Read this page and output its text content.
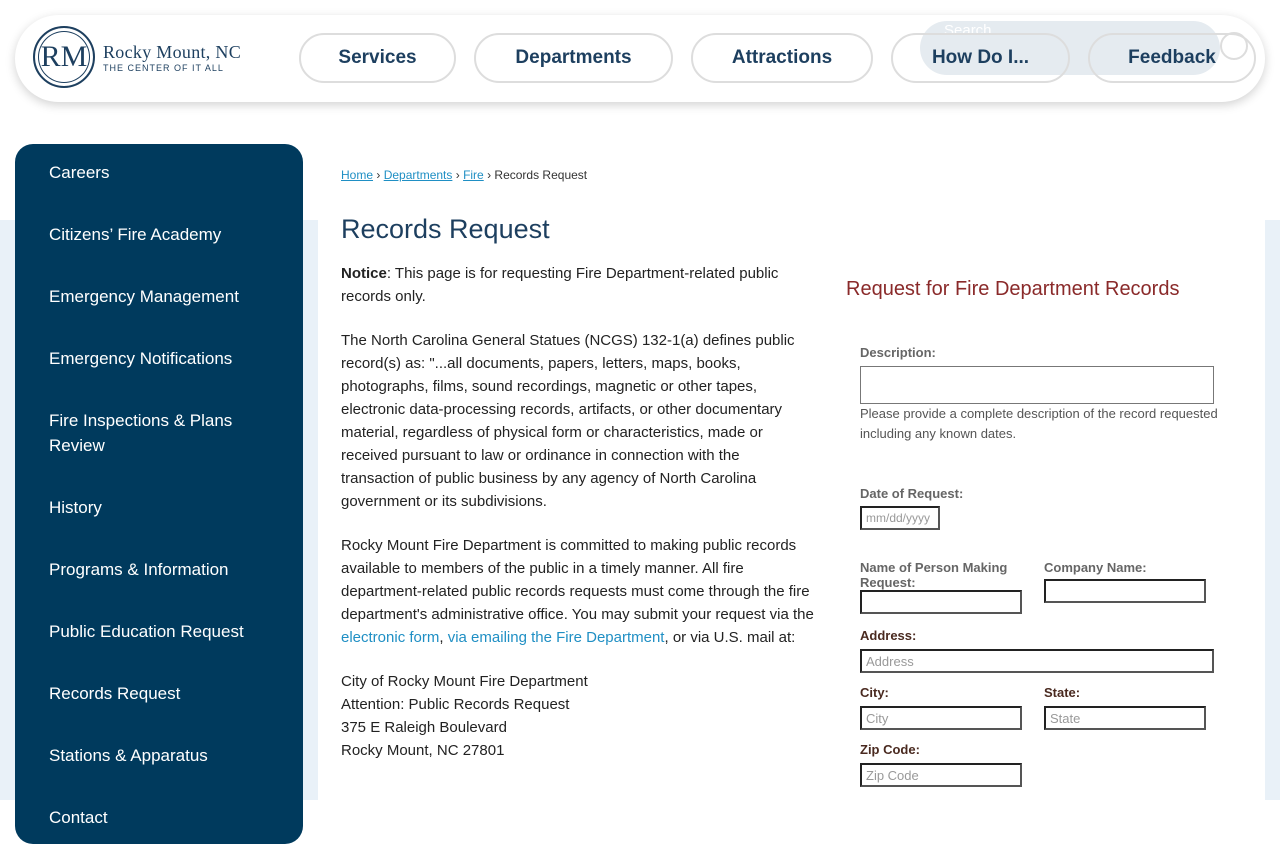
RM Rocky Mount, NC
THE CENTER OF IT ALL
Search...
Services	Departments	Attractions	How Do I...	Feedback
Careers
Citizens’ Fire Academy
Emergency Management
Emergency Notifications
Fire Inspections & Plans Review
History
Programs & Information
Public Education Request
Records Request
Stations & Apparatus
Contact
Home › Departments › Fire › Records Request
Records Request

Notice: This page is for requesting Fire Department-related public records only.

The North Carolina General Statues (NCGS) 132-1(a) defines public record(s) as: "...all documents, papers, letters, maps, books, photographs, films, sound recordings, magnetic or other tapes, electronic data-processing records, artifacts, or other documentary material, regardless of physical form or characteristics, made or received pursuant to law or ordinance in connection with the transaction of public business by any agency of North Carolina government or its subdivisions.

Rocky Mount Fire Department is committed to making public records available to members of the public in a timely manner. All fire department-related public records requests must come through the fire department's administrative office. You may submit your request via the electronic form, via emailing the Fire Department, or via U.S. mail at:

City of Rocky Mount Fire Department
Attention: Public Records Request
375 E Raleigh Boulevard
Rocky Mount, NC 27801
Request for Fire Department Records
Description:
Please provide a complete description of the record requested including any known dates.
Date of Request:
mm/dd/yyyy
Name of Person Making Request:
Company Name:
Address:
Address
City:
City
State:
State
Zip Code:
Zip Code
